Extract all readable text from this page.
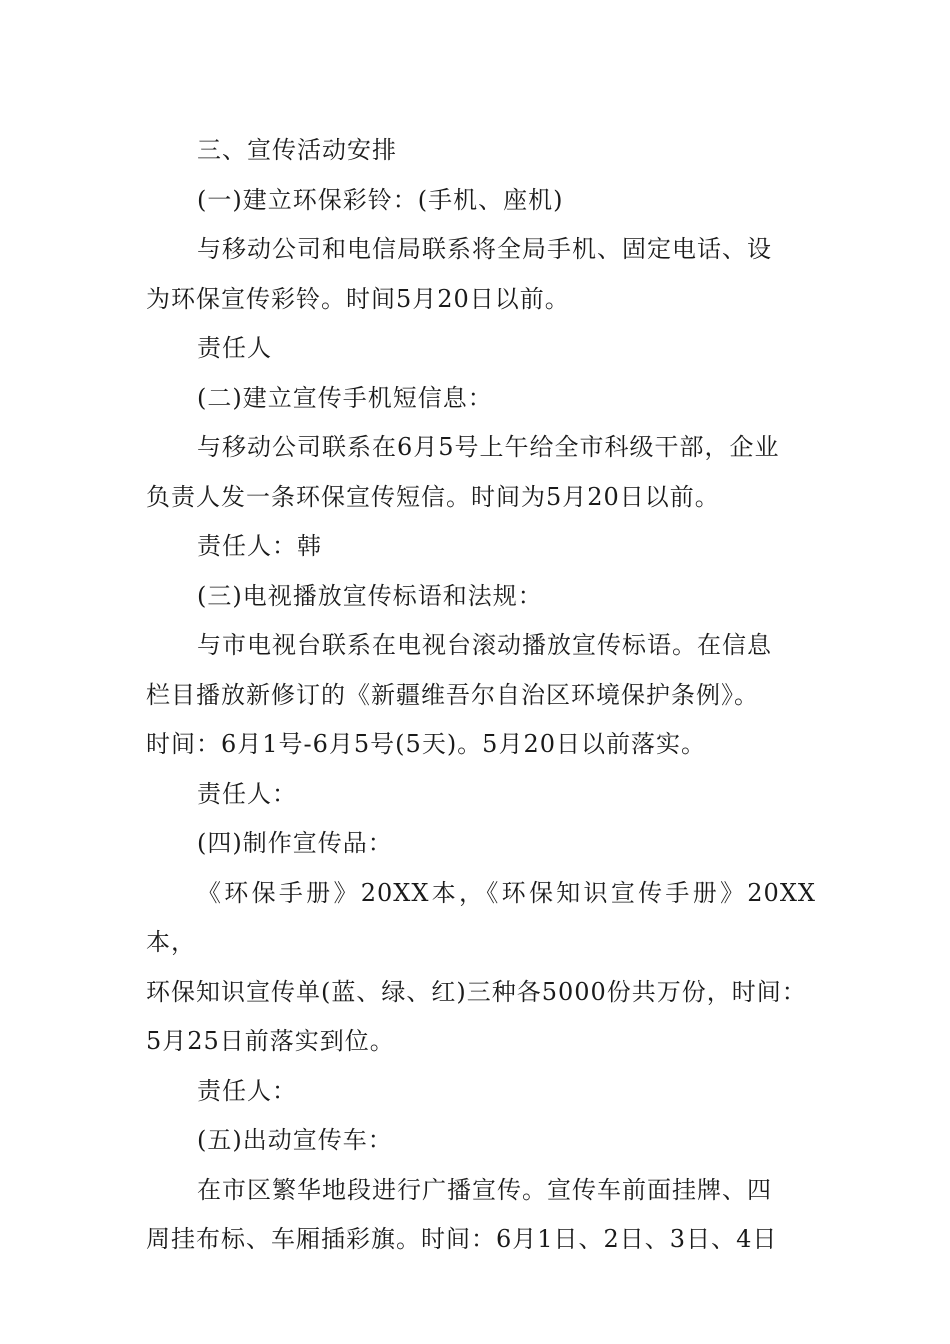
三、宣传活动安排

(一)建立环保彩铃：(手机、座机)

与移动公司和电信局联系将全局手机、固定电话、设
为环保宣传彩铃。时间5月20日以前。

责任人

(二)建立宣传手机短信息：

与移动公司联系在6月5号上午给全市科级干部，企业
负责人发一条环保宣传短信。时间为5月20日以前。

责任人：韩

(三)电视播放宣传标语和法规：

与市电视台联系在电视台滚动播放宣传标语。在信息
栏目播放新修订的《新疆维吾尔自治区环境保护条例》。
时间：6月1号-6月5号(5天)。5月20日以前落实。

责任人：

(四)制作宣传品：

《环保手册》20XX本，《环保知识宣传手册》20XX本，
环保知识宣传单(蓝、绿、红)三种各5000份共万份，时间：
5月25日前落实到位。

责任人：

(五)出动宣传车：

在市区繁华地段进行广播宣传。宣传车前面挂牌、四
周挂布标、车厢插彩旗。时间：6月1日、2日、3日、4日
